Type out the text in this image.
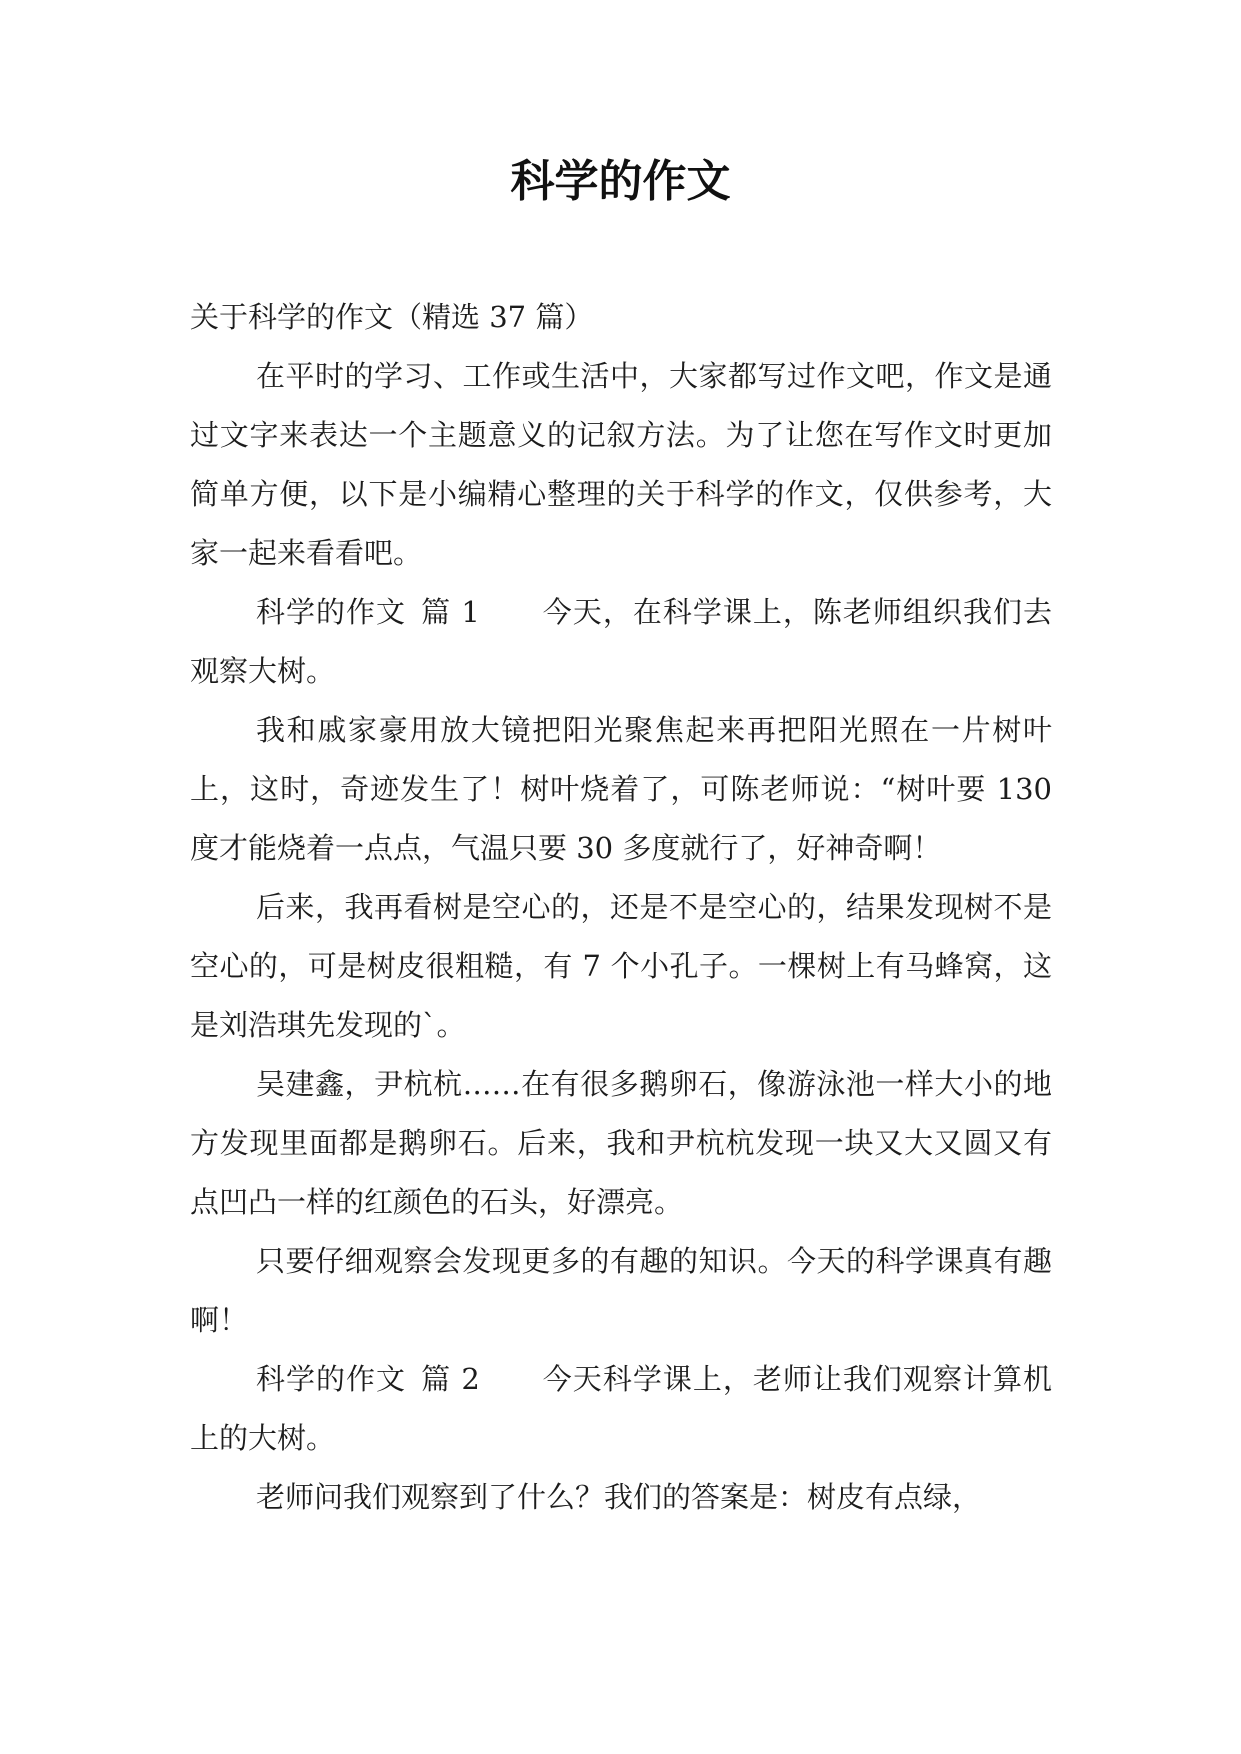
科学的作文

关于科学的作文（精选 37 篇）

在平时的学习、工作或生活中，大家都写过作文吧，作文是通过文字来表达一个主题意义的记叙方法。为了让您在写作文时更加简单方便，以下是小编精心整理的关于科学的作文，仅供参考，大家一起来看看吧。

科学的作文 篇 1 今天，在科学课上，陈老师组织我们去观察大树。

我和戚家豪用放大镜把阳光聚焦起来再把阳光照在一片树叶上，这时，奇迹发生了！树叶烧着了，可陈老师说：“树叶要 130 度才能烧着一点点，气温只要 30 多度就行了，好神奇啊！

后来，我再看树是空心的，还是不是空心的，结果发现树不是空心的，可是树皮很粗糙，有 7 个小孔子。一棵树上有马蜂窝，这是刘浩琪先发现的`。

吴建鑫，尹杭杭……在有很多鹅卵石，像游泳池一样大小的地方发现里面都是鹅卵石。后来，我和尹杭杭发现一块又大又圆又有点凹凸一样的红颜色的石头，好漂亮。

只要仔细观察会发现更多的有趣的知识。今天的科学课真有趣啊！

科学的作文 篇 2 今天科学课上，老师让我们观察计算机上的大树。

老师问我们观察到了什么？我们的答案是：树皮有点绿，
